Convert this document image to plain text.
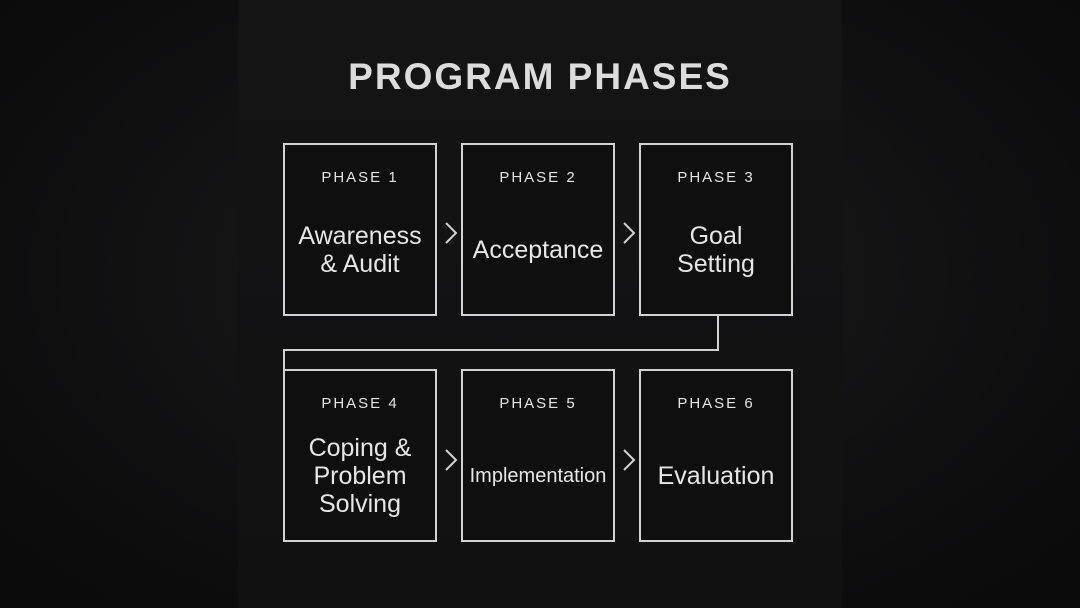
PROGRAM PHASES
PHASE 1
Awareness
& Audit
PHASE 2
Acceptance
PHASE 3
Goal
Setting
PHASE 4
Coping &
Problem
Solving
PHASE 5
Implementation
PHASE 6
Evaluation
